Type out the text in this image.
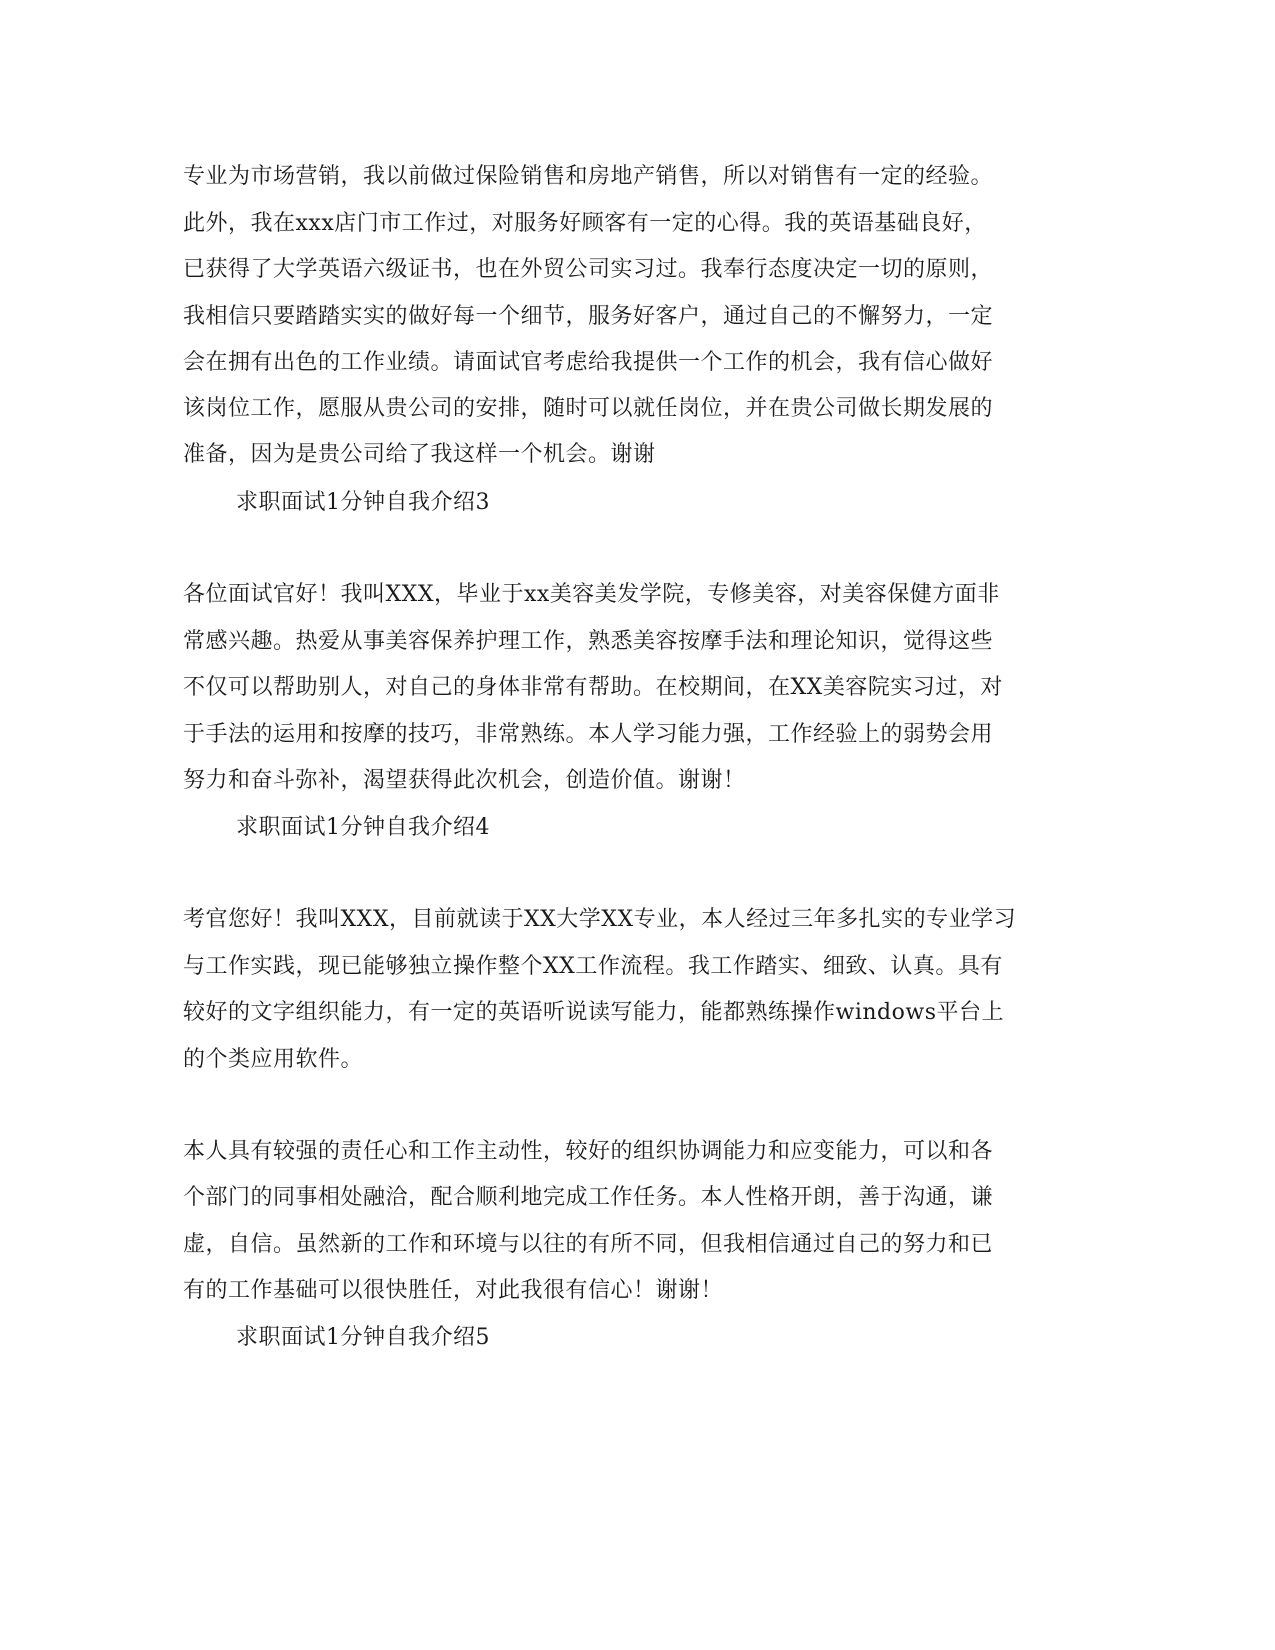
专业为市场营销，我以前做过保险销售和房地产销售，所以对销售有一定的经验。
此外，我在xxx店门市工作过，对服务好顾客有一定的心得。我的英语基础良好，
已获得了大学英语六级证书，也在外贸公司实习过。我奉行态度决定一切的原则，
我相信只要踏踏实实的做好每一个细节，服务好客户，通过自己的不懈努力，一定
会在拥有出色的工作业绩。请面试官考虑给我提供一个工作的机会，我有信心做好
该岗位工作，愿服从贵公司的安排，随时可以就任岗位，并在贵公司做长期发展的
准备，因为是贵公司给了我这样一个机会。谢谢
求职面试1分钟自我介绍3
各位面试官好！我叫XXX，毕业于xx美容美发学院，专修美容，对美容保健方面非
常感兴趣。热爱从事美容保养护理工作，熟悉美容按摩手法和理论知识，觉得这些
不仅可以帮助别人，对自己的身体非常有帮助。在校期间，在XX美容院实习过，对
于手法的运用和按摩的技巧，非常熟练。本人学习能力强，工作经验上的弱势会用
努力和奋斗弥补，渴望获得此次机会，创造价值。谢谢！
求职面试1分钟自我介绍4
考官您好！我叫XXX，目前就读于XX大学XX专业，本人经过三年多扎实的专业学习
与工作实践，现已能够独立操作整个XX工作流程。我工作踏实、细致、认真。具有
较好的文字组织能力，有一定的英语听说读写能力，能都熟练操作windows平台上
的个类应用软件。
本人具有较强的责任心和工作主动性，较好的组织协调能力和应变能力，可以和各
个部门的同事相处融洽，配合顺利地完成工作任务。本人性格开朗，善于沟通，谦
虚，自信。虽然新的工作和环境与以往的有所不同，但我相信通过自己的努力和已
有的工作基础可以很快胜任，对此我很有信心！谢谢！
求职面试1分钟自我介绍5
